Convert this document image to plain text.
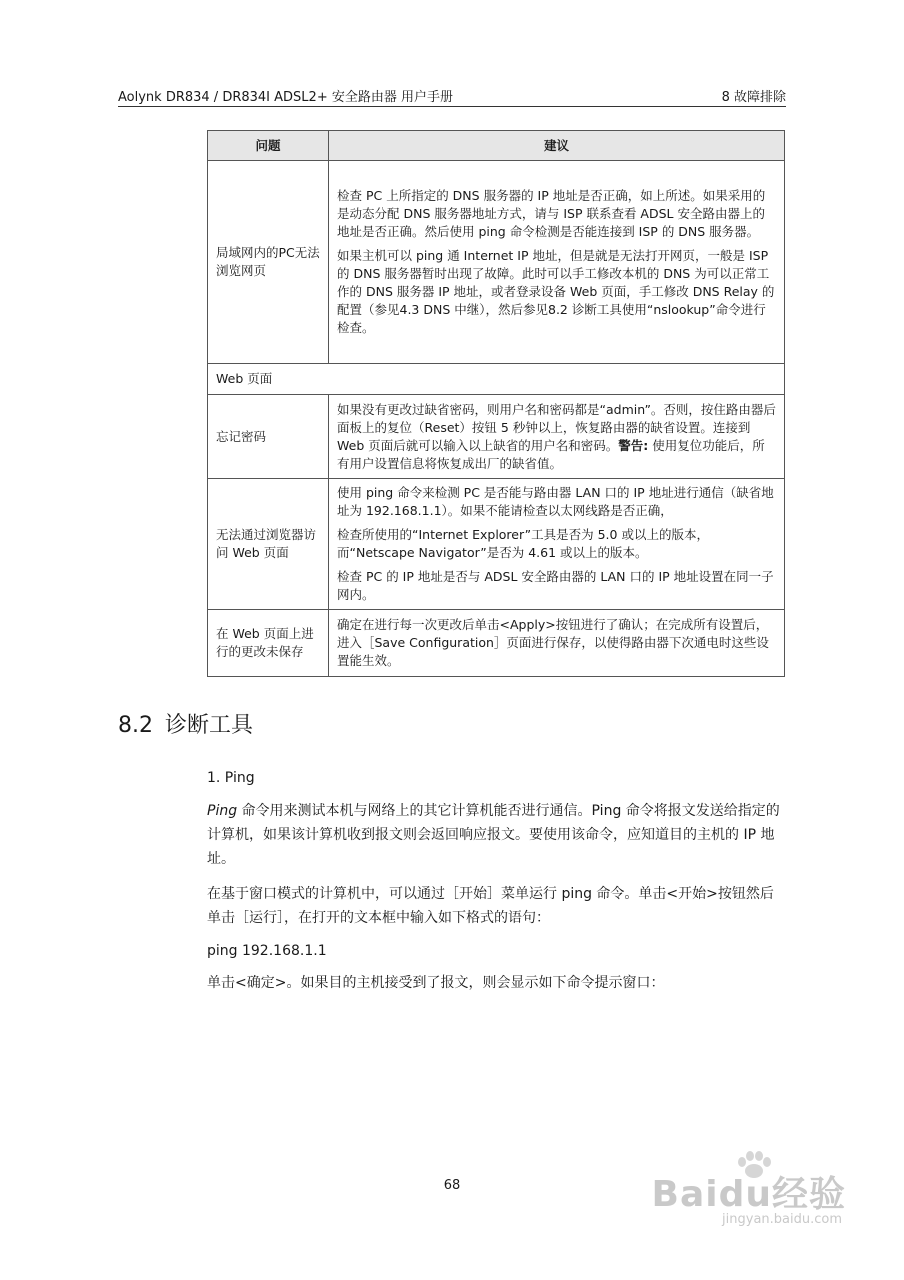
Aolynk DR834 / DR834I ADSL2+ 安全路由器 用户手册	8 故障排除
问题	建议
局域网内的PC无法浏览网页	检查 PC 上所指定的 DNS 服务器的 IP 地址是否正确，如上所述。如果采用的是动态分配 DNS 服务器地址方式，请与 ISP 联系查看 ADSL 安全路由器上的地址是否正确。然后使用 ping 命令检测是否能连接到 ISP 的 DNS 服务器。

如果主机可以 ping 通 Internet IP 地址，但是就是无法打开网页，一般是 ISP 的 DNS 服务器暂时出现了故障。此时可以手工修改本机的 DNS 为可以正常工作的 DNS 服务器 IP 地址，或者登录设备 Web 页面，手工修改 DNS Relay 的配置（参见4.3 DNS 中继），然后参见8.2 诊断工具使用“nslookup”命令进行检查。

Web 页面	
忘记密码	如果没有更改过缺省密码，则用户名和密码都是“admin”。否则，按住路由器后面板上的复位（Reset）按钮 5 秒钟以上，恢复路由器的缺省设置。连接到 Web 页面后就可以输入以上缺省的用户名和密码。警告: 使用复位功能后，所有用户设置信息将恢复成出厂的缺省值。

无法通过浏览器访问 Web 页面	使用 ping 命令来检测 PC 是否能与路由器 LAN 口的 IP 地址进行通信（缺省地址为 192.168.1.1）。如果不能请检查以太网线路是否正确，

检查所使用的“Internet Explorer”工具是否为 5.0 或以上的版本，而“Netscape Navigator”是否为 4.61 或以上的版本。

检查 PC 的 IP 地址是否与 ADSL 安全路由器的 LAN 口的 IP 地址设置在同一子网内。

在 Web 页面上进行的更改未保存	确定在进行每一次更改后单击<Apply>按钮进行了确认；在完成所有设置后，进入［Save Configuration］页面进行保存，以使得路由器下次通电时这些设置能生效。

8.2 诊断工具

1. Ping

Ping 命令用来测试本机与网络上的其它计算机能否进行通信。Ping 命令将报文发送给指定的计算机，如果该计算机收到报文则会返回响应报文。要使用该命令，应知道目的主机的 IP 地址。

在基于窗口模式的计算机中，可以通过［开始］菜单运行 ping 命令。单击<开始>按钮然后单击［运行］，在打开的文本框中输入如下格式的语句：

ping 192.168.1.1

单击<确定>。如果目的主机接受到了报文，则会显示如下命令提示窗口：

68	Baidu经验
jingyan.baidu.com
